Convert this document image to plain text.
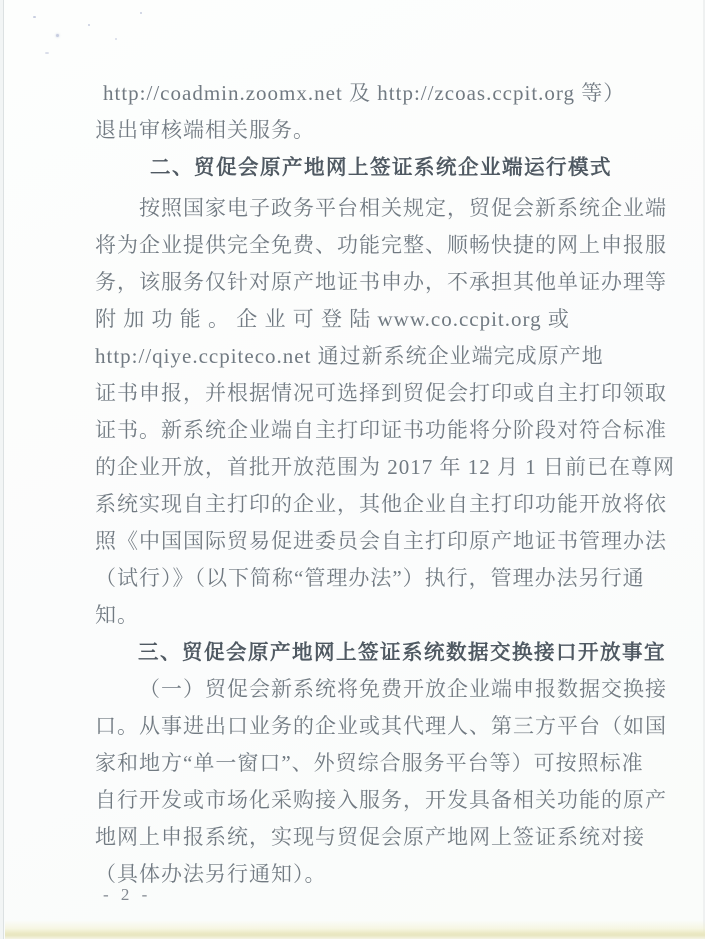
http://coadmin.zoomx.net 及 http://zcoas.ccpit.org 等）
退出审核端相关服务。
二、贸促会原产地网上签证系统企业端运行模式
按照国家电子政务平台相关规定，贸促会新系统企业端
将为企业提供完全免费、功能完整、顺畅快捷的网上申报服
务，该服务仅针对原产地证书申办，不承担其他单证办理等
附 加 功 能 。 企 业 可 登 陆 www.co.ccpit.org 或
http://qiye.ccpiteco.net 通过新系统企业端完成原产地
证书申报，并根据情况可选择到贸促会打印或自主打印领取
证书。新系统企业端自主打印证书功能将分阶段对符合标准
的企业开放，首批开放范围为 2017 年 12 月 1 日前已在尊网
系统实现自主打印的企业，其他企业自主打印功能开放将依
照《中国国际贸易促进委员会自主打印原产地证书管理办法
（试行）》（以下简称“管理办法”）执行，管理办法另行通
知。
三、贸促会原产地网上签证系统数据交换接口开放事宜
（一）贸促会新系统将免费开放企业端申报数据交换接
口。从事进出口业务的企业或其代理人、第三方平台（如国
家和地方“单一窗口”、外贸综合服务平台等）可按照标准
自行开发或市场化采购接入服务，开发具备相关功能的原产
地网上申报系统，实现与贸促会原产地网上签证系统对接
（具体办法另行通知）。
- 2 -
